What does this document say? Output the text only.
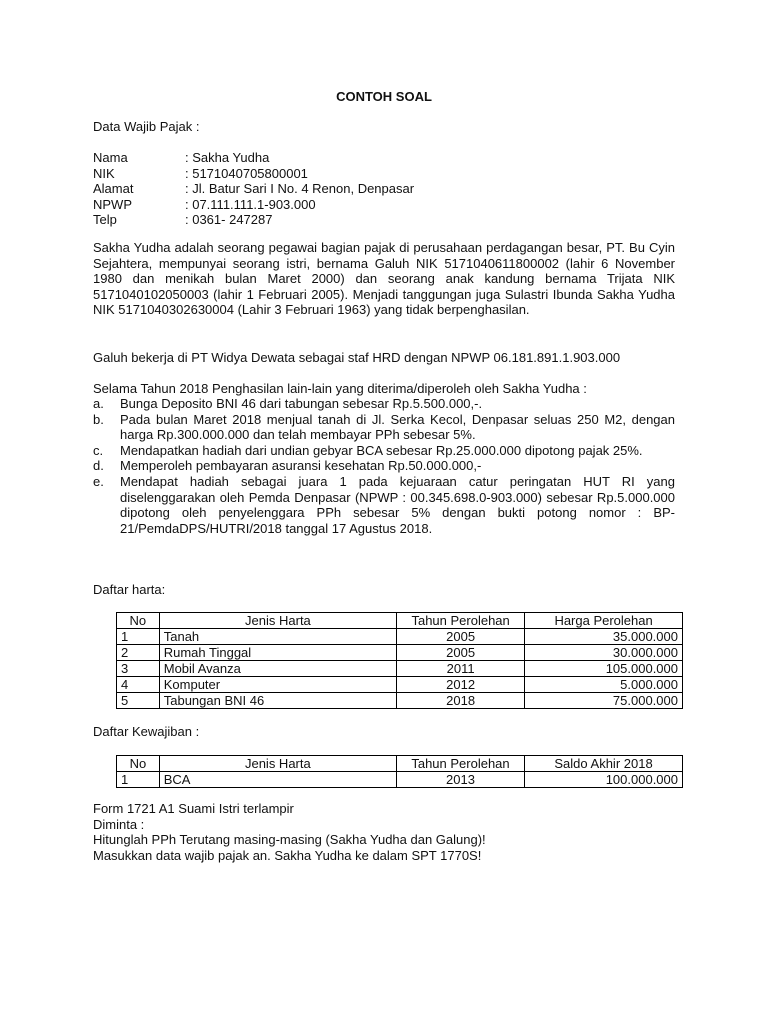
CONTOH SOAL
Data Wajib Pajak :
Nama	: Sakha Yudha
NIK	: 5171040705800001
Alamat	: Jl. Batur Sari I No. 4 Renon, Denpasar
NPWP	: 07.111.111.1-903.000
Telp	: 0361- 247287
Sakha Yudha adalah seorang pegawai bagian pajak di perusahaan perdagangan besar, PT. Bu Cyin Sejahtera, mempunyai seorang istri, bernama Galuh NIK 5171040611800002 (lahir 6 November 1980 dan menikah bulan Maret 2000) dan seorang anak kandung bernama Trijata NIK 5171040102050003 (lahir 1 Februari 2005). Menjadi tanggungan juga Sulastri Ibunda Sakha Yudha NIK 5171040302630004 (Lahir 3 Februari 1963) yang tidak berpenghasilan.
Galuh bekerja di PT Widya Dewata sebagai staf HRD dengan NPWP 06.181.891.1.903.000
Selama Tahun 2018 Penghasilan lain-lain yang diterima/diperoleh oleh Sakha Yudha :
a.	Bunga Deposito BNI 46 dari tabungan sebesar Rp.5.500.000,-.
b.	Pada bulan Maret 2018 menjual tanah di Jl. Serka Kecol, Denpasar seluas 250 M2, dengan harga Rp.300.000.000 dan telah membayar PPh sebesar 5%.
c.	Mendapatkan hadiah dari undian gebyar BCA sebesar Rp.25.000.000 dipotong pajak 25%.
d.	Memperoleh pembayaran asuransi kesehatan Rp.50.000.000,-
e.	Mendapat hadiah sebagai juara 1 pada kejuaraan catur peringatan HUT RI yang diselenggarakan oleh Pemda Denpasar (NPWP : 00.345.698.0-903.000) sebesar Rp.5.000.000 dipotong oleh penyelenggara PPh sebesar 5% dengan bukti potong nomor : BP-21/PemdaDPS/HUTRI/2018 tanggal 17 Agustus 2018.
Daftar harta:
No	Jenis Harta	Tahun Perolehan	Harga Perolehan
1	Tanah	2005	35.000.000
2	Rumah Tinggal	2005	30.000.000
3	Mobil Avanza	2011	105.000.000
4	Komputer	2012	5.000.000
5	Tabungan BNI 46	2018	75.000.000
Daftar Kewajiban :
No	Jenis Harta	Tahun Perolehan	Saldo Akhir 2018
1	BCA	2013	100.000.000
Form 1721 A1 Suami Istri terlampir
Diminta :
Hitunglah PPh Terutang masing-masing (Sakha Yudha dan Galung)!
Masukkan data wajib pajak an. Sakha Yudha ke dalam SPT 1770S!
